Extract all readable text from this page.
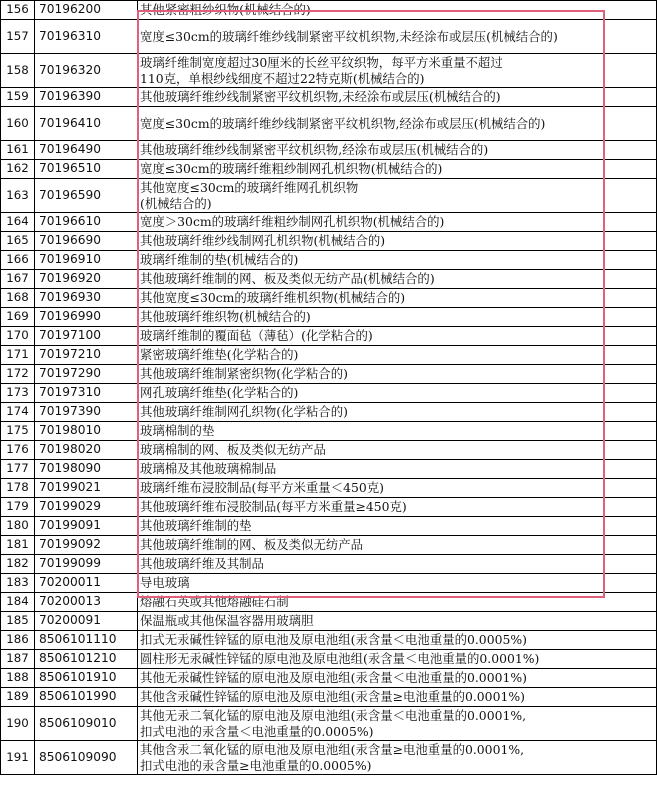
156	70196200	其他紧密粗纱织物(机械结合的)
157	70196310	宽度≤30cm的玻璃纤维纱线制紧密平纹机织物,未经涂布或层压(机械结合的)
158	70196320	玻璃纤维制宽度超过30厘米的长丝平纹织物，每平方米重量不超过
110克，单根纱线细度不超过22特克斯(机械结合的)
159	70196390	其他玻璃纤维纱线制紧密平纹机织物,未经涂布或层压(机械结合的)
160	70196410	宽度≤30cm的玻璃纤维纱线制紧密平纹机织物,经涂布或层压(机械结合的)
161	70196490	其他玻璃纤维纱线制紧密平纹机织物,经涂布或层压(机械结合的)
162	70196510	宽度≤30cm的玻璃纤维粗纱制网孔机织物(机械结合的)
163	70196590	其他宽度≤30cm的玻璃纤维网孔机织物
(机械结合的)
164	70196610	宽度＞30cm的玻璃纤维粗纱制网孔机织物(机械结合的)
165	70196690	其他玻璃纤维纱线制网孔机织物(机械结合的)
166	70196910	玻璃纤维制的垫(机械结合的)
167	70196920	其他玻璃纤维制的网、板及类似无纺产品(机械结合的)
168	70196930	其他宽度≤30cm的玻璃纤维机织物(机械结合的)
169	70196990	其他玻璃纤维织物(机械结合的)
170	70197100	玻璃纤维制的覆面毡（薄毡）(化学粘合的)
171	70197210	紧密玻璃纤维垫(化学粘合的)
172	70197290	其他玻璃纤维制紧密织物(化学粘合的)
173	70197310	网孔玻璃纤维垫(化学粘合的)
174	70197390	其他玻璃纤维制网孔织物(化学粘合的)
175	70198010	玻璃棉制的垫
176	70198020	玻璃棉制的网、板及类似无纺产品
177	70198090	玻璃棉及其他玻璃棉制品
178	70199021	玻璃纤维布浸胶制品(每平方米重量＜450克)
179	70199029	其他玻璃纤维布浸胶制品(每平方米重量≥450克)
180	70199091	其他玻璃纤维制的垫
181	70199092	其他玻璃纤维制的网、板及类似无纺产品
182	70199099	其他玻璃纤维及其制品
183	70200011	导电玻璃
184	70200013	熔融石英或其他熔融硅石制
185	70200091	保温瓶或其他保温容器用玻璃胆
186	8506101110	扣式无汞碱性锌锰的原电池及原电池组(汞含量＜电池重量的0.0005%)
187	8506101210	圆柱形无汞碱性锌锰的原电池及原电池组(汞含量＜电池重量的0.0001%)
188	8506101910	其他无汞碱性锌锰的原电池及原电池组(汞含量＜电池重量的0.0001%)
189	8506101990	其他含汞碱性锌锰的原电池及原电池组(汞含量≥电池重量的0.0001%)
190	8506109010	其他无汞二氧化锰的原电池及原电池组(汞含量＜电池重量的0.0001%,
扣式电池的汞含量＜电池重量的0.0005%)
191	8506109090	其他含汞二氧化锰的原电池及原电池组(汞含量≥电池重量的0.0001%,
扣式电池的汞含量≥电池重量的0.0005%)
